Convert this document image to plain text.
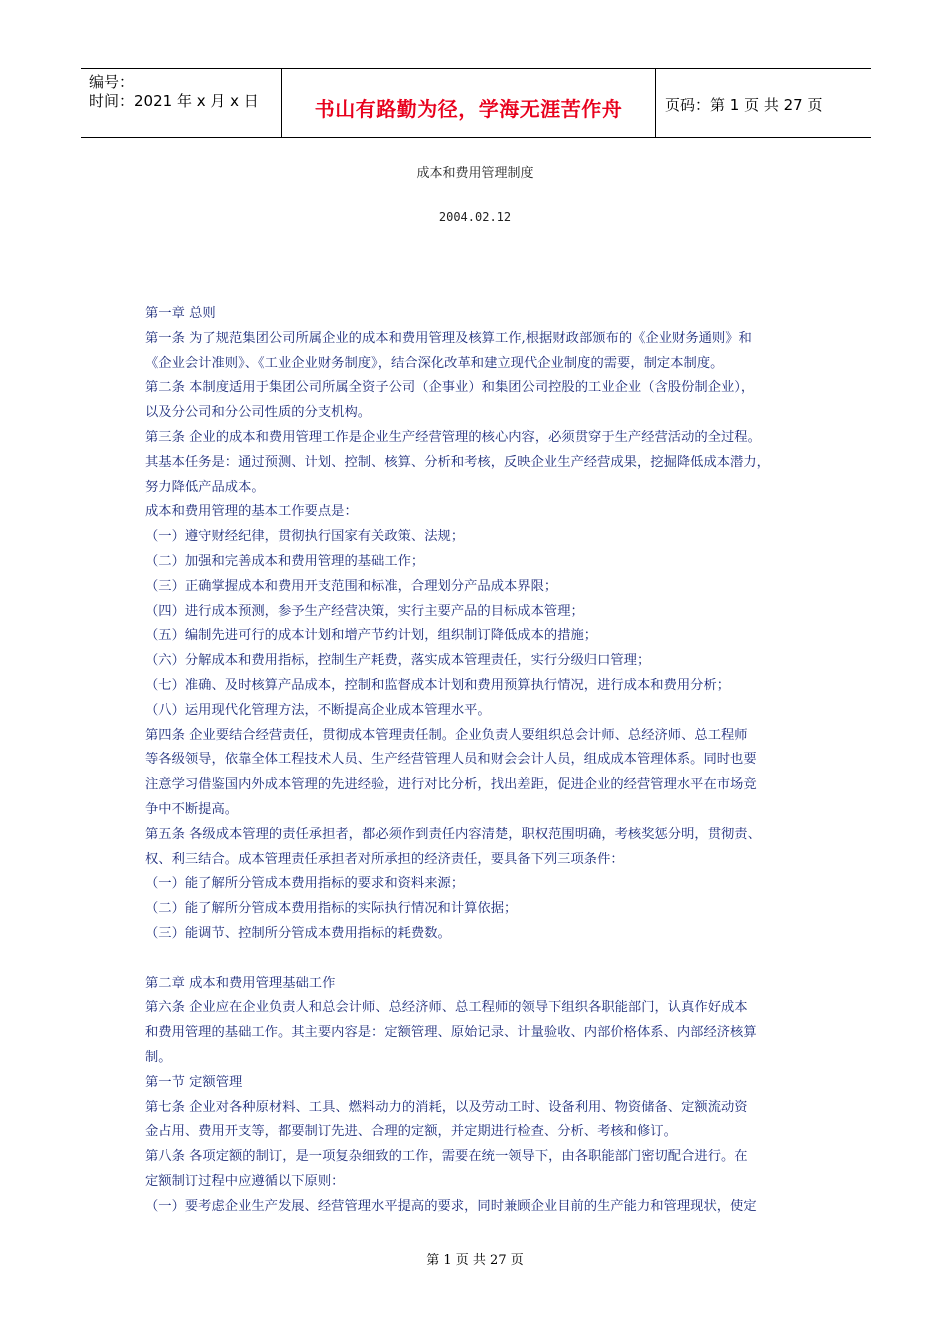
编号：
时间：2021 年 x 月 x 日	书山有路勤为径，学海无涯苦作舟	页码：第 1 页 共 27 页
成本和费用管理制度
2004.02.12
第一章 总则
第一条 为了规范集团公司所属企业的成本和费用管理及核算工作,根据财政部颁布的《企业财务通则》和
《企业会计准则》、《工业企业财务制度》，结合深化改革和建立现代企业制度的需要，制定本制度。
第二条 本制度适用于集团公司所属全资子公司（企事业）和集团公司控股的工业企业（含股份制企业），
以及分公司和分公司性质的分支机构。
第三条 企业的成本和费用管理工作是企业生产经营管理的核心内容，必须贯穿于生产经营活动的全过程。
其基本任务是：通过预测、计划、控制、核算、分析和考核，反映企业生产经营成果，挖掘降低成本潜力，
努力降低产品成本。
成本和费用管理的基本工作要点是：
（一）遵守财经纪律，贯彻执行国家有关政策、法规；
（二）加强和完善成本和费用管理的基础工作；
（三）正确掌握成本和费用开支范围和标准，合理划分产品成本界限；
（四）进行成本预测，参予生产经营决策，实行主要产品的目标成本管理；
（五）编制先进可行的成本计划和增产节约计划，组织制订降低成本的措施；
（六）分解成本和费用指标，控制生产耗费，落实成本管理责任，实行分级归口管理；
（七）准确、及时核算产品成本，控制和监督成本计划和费用预算执行情况，进行成本和费用分析；
（八）运用现代化管理方法，不断提高企业成本管理水平。
第四条 企业要结合经营责任，贯彻成本管理责任制。企业负责人要组织总会计师、总经济师、总工程师
等各级领导，依靠全体工程技术人员、生产经营管理人员和财会会计人员，组成成本管理体系。同时也要
注意学习借鉴国内外成本管理的先进经验，进行对比分析，找出差距，促进企业的经营管理水平在市场竞
争中不断提高。
第五条 各级成本管理的责任承担者，都必须作到责任内容清楚，职权范围明确，考核奖惩分明，贯彻责、
权、利三结合。成本管理责任承担者对所承担的经济责任，要具备下列三项条件：
（一）能了解所分管成本费用指标的要求和资料来源；
（二）能了解所分管成本费用指标的实际执行情况和计算依据；
（三）能调节、控制所分管成本费用指标的耗费数。
第二章 成本和费用管理基础工作
第六条 企业应在企业负责人和总会计师、总经济师、总工程师的领导下组织各职能部门，认真作好成本
和费用管理的基础工作。其主要内容是：定额管理、原始记录、计量验收、内部价格体系、内部经济核算
制。
第一节 定额管理
第七条 企业对各种原材料、工具、燃料动力的消耗，以及劳动工时、设备利用、物资储备、定额流动资
金占用、费用开支等，都要制订先进、合理的定额，并定期进行检查、分析、考核和修订。
第八条 各项定额的制订，是一项复杂细致的工作，需要在统一领导下，由各职能部门密切配合进行。在
定额制订过程中应遵循以下原则：
（一）要考虑企业生产发展、经营管理水平提高的要求，同时兼顾企业目前的生产能力和管理现状，使定
第 1 页 共 27 页
